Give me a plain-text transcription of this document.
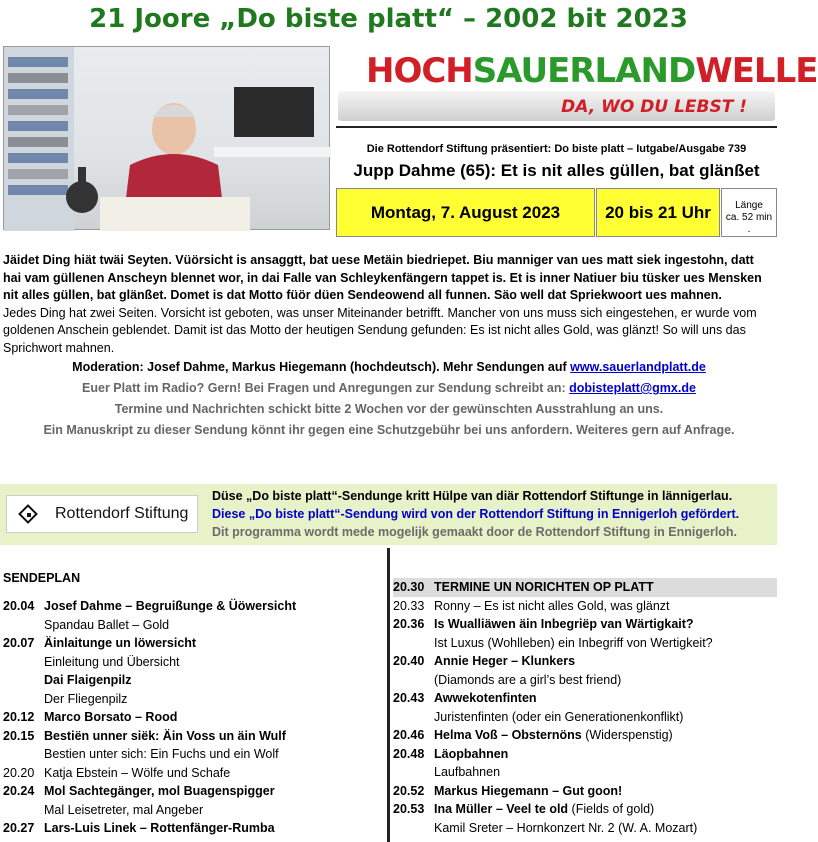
21 Joore „Do biste platt“ – 2002 bit 2023
HOCHSAUERLANDWELLE
DA, WO DU LEBST !
Die Rottendorf Stiftung präsentiert: Do biste platt – Iutgabe/Ausgabe 739
Jupp Dahme (65): Et is nit alles güllen, bat glänßet
Montag, 7. August 2023	20 bis 21 Uhr	Länge
ca. 52 min
.

Jäidet Ding hiät twäi Seyten. Vüörsicht is ansaggtt, bat uese Metäin biedriepet. Biu manniger van ues matt siek ingestohn, datt hai vam güllenen Anscheyn blennet wor, in dai Falle van Schleykenfängern tappet is. Et is inner Natiuer biu tüsker ues Mensken nit alles güllen, bat glänßet. Domet is dat Motto füör düen Sendeowend all funnen. Säo well dat Spriekwoort ues mahnen.

Jedes Ding hat zwei Seiten. Vorsicht ist geboten, was unser Miteinander betrifft. Mancher von uns muss sich eingestehen, er wurde vom goldenen Anschein geblendet. Damit ist das Motto der heutigen Sendung gefunden: Es ist nicht alles Gold, was glänzt! So will uns das Sprichwort mahnen.

Moderation: Josef Dahme, Markus Hiegemann (hochdeutsch). Mehr Sendungen auf www.sauerlandplatt.de
Euer Platt im Radio? Gern! Bei Fragen und Anregungen zur Sendung schreibt an: dobisteplatt@gmx.de
Termine und Nachrichten schickt bitte 2 Wochen vor der gewünschten Ausstrahlung an uns.
Ein Manuskript zu dieser Sendung könnt ihr gegen eine Schutzgebühr bei uns anfordern. Weiteres gern auf Anfrage.
Rottendorf Stiftung
Düse „Do biste platt“-Sendunge kritt Hülpe van diär Rottendorf Stiftunge in lännigerlau.
Diese „Do biste platt“-Sendung wird von der Rottendorf Stiftung in Ennigerloh gefördert.
Dit programma wordt mede mogelijk gemaakt door de Rottendorf Stiftung in Ennigerloh.
SENDEPLAN
20.04 Josef Dahme – Begruißunge & Üöwersicht
Spandau Ballet – Gold
20.07 Äinlaitunge un löwersicht
Einleitung und Übersicht
Dai Flaigenpilz
Der Fliegenpilz
20.12 Marco Borsato – Rood
20.15 Bestiën unner siëk: Äin Voss un äin Wulf
Bestien unter sich: Ein Fuchs und ein Wolf
20.20 Katja Ebstein – Wölfe und Schafe
20.24 Mol Sachtegänger, mol Buagenspigger
Mal Leisetreter, mal Angeber
20.27 Lars-Luis Linek – Rottenfänger-Rumba
20.30 TERMINE UN NORICHTEN OP PLATT
20.33 Ronny – Es ist nicht alles Gold, was glänzt
20.36 Is Wualliäwen äin Inbegriëp van Wärtigkait?
Ist Luxus (Wohlleben) ein Inbegriff von Wertigkeit?
20.40 Annie Heger – Klunkers
(Diamonds are a girl’s best friend)
20.43 Awwekotenfinten
Juristenfinten (oder ein Generationenkonflikt)
20.46 Helma Voß – Obsternöns (Widerspenstig)
20.48 Läopbahnen
Laufbahnen
20.52 Markus Hiegemann – Gut goon!
20.53 Ina Müller – Veel te old (Fields of gold)
Kamil Sreter – Hornkonzert Nr. 2 (W. A. Mozart)
